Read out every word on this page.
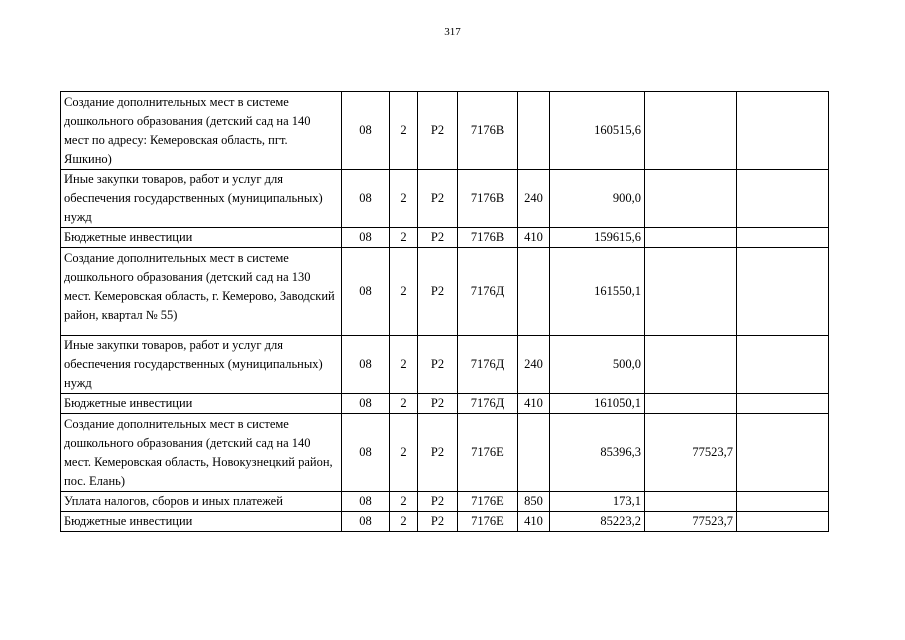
317
Создание дополнительных мест в системе дошкольного образования (детский сад на 140 мест по адресу: Кемеровская область, пгт. Яшкино)	08	2	P2	7176В		160515,6		
Иные закупки товаров, работ и услуг для обеспечения государственных (муниципальных) нужд	08	2	P2	7176В	240	900,0		
Бюджетные инвестиции	08	2	P2	7176В	410	159615,6		
Создание дополнительных мест в системе дошкольного образования (детский сад на 130 мест. Кемеровская область, г. Кемерово, Заводский район, квартал № 55)	08	2	P2	7176Д		161550,1		
Иные закупки товаров, работ и услуг для обеспечения государственных (муниципальных) нужд	08	2	P2	7176Д	240	500,0		
Бюджетные инвестиции	08	2	P2	7176Д	410	161050,1		
Создание дополнительных мест в системе дошкольного образования (детский сад на 140 мест. Кемеровская область, Новокузнецкий район, пос. Елань)	08	2	P2	7176Е		85396,3	77523,7	
Уплата налогов, сборов и иных платежей	08	2	P2	7176Е	850	173,1		
Бюджетные инвестиции	08	2	P2	7176Е	410	85223,2	77523,7	
